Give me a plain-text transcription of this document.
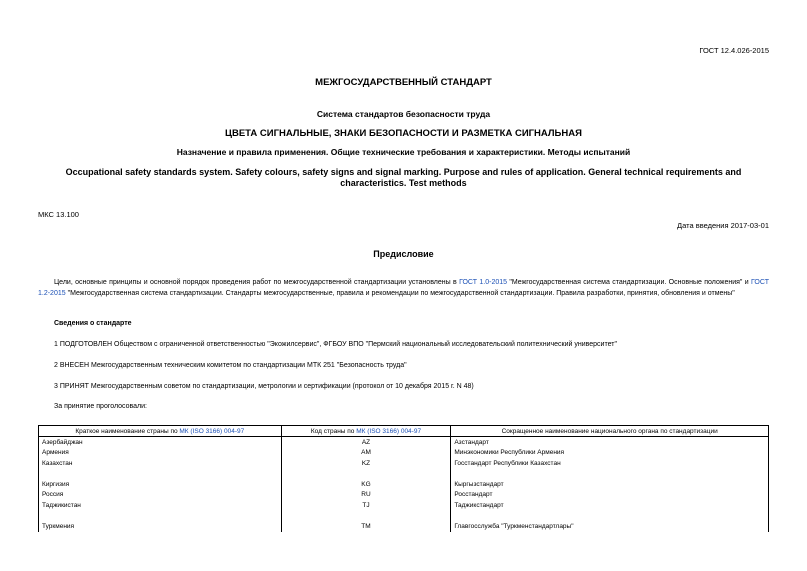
ГОСТ 12.4.026-2015
МЕЖГОСУДАРСТВЕННЫЙ СТАНДАРТ
Система стандартов безопасности труда
ЦВЕТА СИГНАЛЬНЫЕ, ЗНАКИ БЕЗОПАСНОСТИ И РАЗМЕТКА СИГНАЛЬНАЯ
Назначение и правила применения. Общие технические требования и характеристики. Методы испытаний
Occupational safety standards system. Safety colours, safety signs and signal marking. Purpose and rules of application. General technical requirements and characteristics. Test methods
МКС 13.100
Дата введения 2017-03-01
Предисловие
Цели, основные принципы и основной порядок проведения работ по межгосударственной стандартизации установлены в ГОСТ 1.0-2015 "Межгосударственная система стандартизации. Основные положения" и ГОСТ 1.2-2015 "Межгосударственная система стандартизации. Стандарты межгосударственные, правила и рекомендации по межгосударственной стандартизации. Правила разработки, принятия, обновления и отмены"
Сведения о стандарте
1 ПОДГОТОВЛЕН Обществом с ограниченной ответственностью "Экожилсервис", ФГБОУ ВПО "Пермский национальный исследовательский политехнический университет"
2 ВНЕСЕН Межгосударственным техническим комитетом по стандартизации МТК 251 "Безопасность труда"
3 ПРИНЯТ Межгосударственным советом по стандартизации, метрологии и сертификации (протокол от 10 декабря 2015 г. N 48)
За принятие проголосовали:
Краткое наименование страны по МК (ISO 3166) 004-97	Код страны по МК (ISO 3166) 004-97	Сокращенное наименование национального органа по стандартизации
Азербайджан	AZ	Азстандарт
Армения	AM	Минэкономики Республики Армения
Казахстан	KZ	Госстандарт Республики Казахстан

Киргизия	KG	Кыргызстандарт
Россия	RU	Росстандарт
Таджикистан	TJ	Таджикстандарт

Туркмения	TM	Главгосслужба "Туркменстандартлары"
